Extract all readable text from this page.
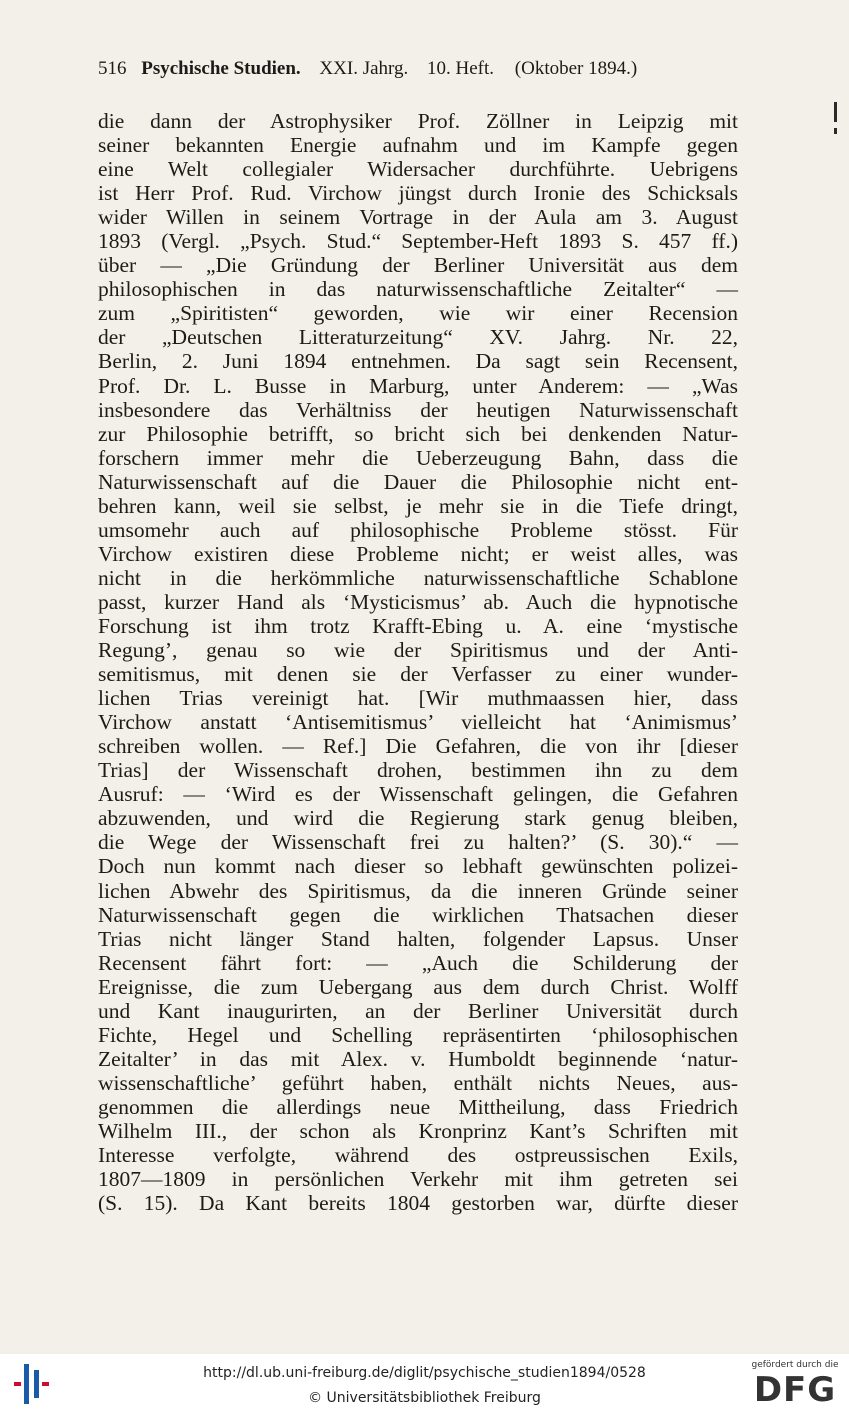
516 Psychische Studien. XXI. Jahrg. 10. Heft. (Oktober 1894.)
die dann der Astrophysiker Prof. Zöllner in Leipzig mit
seiner bekannten Energie aufnahm und im Kampfe gegen
eine Welt collegialer Widersacher durchführte. Uebrigens
ist Herr Prof. Rud. Virchow jüngst durch Ironie des Schicksals
wider Willen in seinem Vortrage in der Aula am 3. August
1893 (Vergl. „Psych. Stud.“ September-Heft 1893 S. 457 ff.)
über — „Die Gründung der Berliner Universität aus dem
philosophischen in das naturwissenschaftliche Zeitalter“ —
zum „Spiritisten“ geworden, wie wir einer Recension
der „Deutschen Litteraturzeitung“ XV. Jahrg. Nr. 22,
Berlin, 2. Juni 1894 entnehmen. Da sagt sein Recensent,
Prof. Dr. L. Busse in Marburg, unter Anderem: — „Was
insbesondere das Verhältniss der heutigen Naturwissenschaft
zur Philosophie betrifft, so bricht sich bei denkenden Natur-
forschern immer mehr die Ueberzeugung Bahn, dass die
Naturwissenschaft auf die Dauer die Philosophie nicht ent-
behren kann, weil sie selbst, je mehr sie in die Tiefe dringt,
umsomehr auch auf philosophische Probleme stösst. Für
Virchow existiren diese Probleme nicht; er weist alles, was
nicht in die herkömmliche naturwissenschaftliche Schablone
passt, kurzer Hand als ‘Mysticismus’ ab. Auch die hypnotische
Forschung ist ihm trotz Krafft-Ebing u. A. eine ‘mystische
Regung’, genau so wie der Spiritismus und der Anti-
semitismus, mit denen sie der Verfasser zu einer wunder-
lichen Trias vereinigt hat. [Wir muthmaassen hier, dass
Virchow anstatt ‘Antisemitismus’ vielleicht hat ‘Animismus’
schreiben wollen. — Ref.] Die Gefahren, die von ihr [dieser
Trias] der Wissenschaft drohen, bestimmen ihn zu dem
Ausruf: — ‘Wird es der Wissenschaft gelingen, die Gefahren
abzuwenden, und wird die Regierung stark genug bleiben,
die Wege der Wissenschaft frei zu halten?’ (S. 30).“ —
Doch nun kommt nach dieser so lebhaft gewünschten polizei-
lichen Abwehr des Spiritismus, da die inneren Gründe seiner
Naturwissenschaft gegen die wirklichen Thatsachen dieser
Trias nicht länger Stand halten, folgender Lapsus. Unser
Recensent fährt fort: — „Auch die Schilderung der
Ereignisse, die zum Uebergang aus dem durch Christ. Wolff
und Kant inaugurirten, an der Berliner Universität durch
Fichte, Hegel und Schelling repräsentirten ‘philosophischen
Zeitalter’ in das mit Alex. v. Humboldt beginnende ‘natur-
wissenschaftliche’ geführt haben, enthält nichts Neues, aus-
genommen die allerdings neue Mittheilung, dass Friedrich
Wilhelm III., der schon als Kronprinz Kant’s Schriften mit
Interesse verfolgte, während des ostpreussischen Exils,
1807—1809 in persönlichen Verkehr mit ihm getreten sei
(S. 15). Da Kant bereits 1804 gestorben war, dürfte dieser
http://dl.ub.uni-freiburg.de/diglit/psychische_studien1894/0528
© Universitätsbibliothek Freiburg
gefördert durch die
DFG
